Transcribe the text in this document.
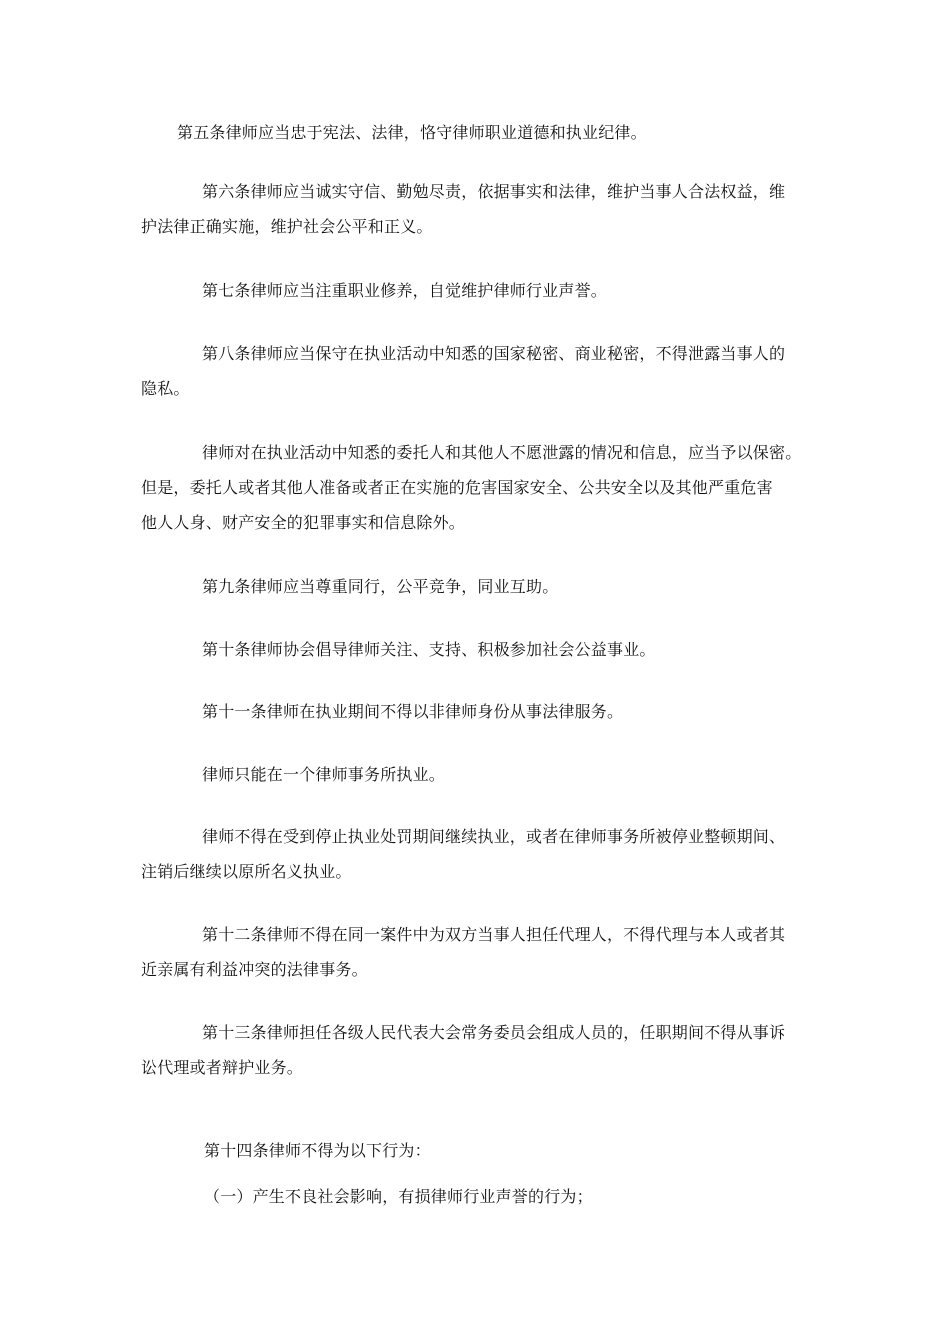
第五条律师应当忠于宪法、法律，恪守律师职业道德和执业纪律。
第六条律师应当诚实守信、勤勉尽责，依据事实和法律，维护当事人合法权益，维
护法律正确实施，维护社会公平和正义。
第七条律师应当注重职业修养，自觉维护律师行业声誉。
第八条律师应当保守在执业活动中知悉的国家秘密、商业秘密，不得泄露当事人的
隐私。
律师对在执业活动中知悉的委托人和其他人不愿泄露的情况和信息，应当予以保密。
但是，委托人或者其他人准备或者正在实施的危害国家安全、公共安全以及其他严重危害
他人人身、财产安全的犯罪事实和信息除外。
第九条律师应当尊重同行，公平竞争，同业互助。
第十条律师协会倡导律师关注、支持、积极参加社会公益事业。
第十一条律师在执业期间不得以非律师身份从事法律服务。
律师只能在一个律师事务所执业。
律师不得在受到停止执业处罚期间继续执业，或者在律师事务所被停业整顿期间、
注销后继续以原所名义执业。
第十二条律师不得在同一案件中为双方当事人担任代理人，不得代理与本人或者其
近亲属有利益冲突的法律事务。
第十三条律师担任各级人民代表大会常务委员会组成人员的，任职期间不得从事诉
讼代理或者辩护业务。
第十四条律师不得为以下行为：
（一）产生不良社会影响，有损律师行业声誉的行为；
